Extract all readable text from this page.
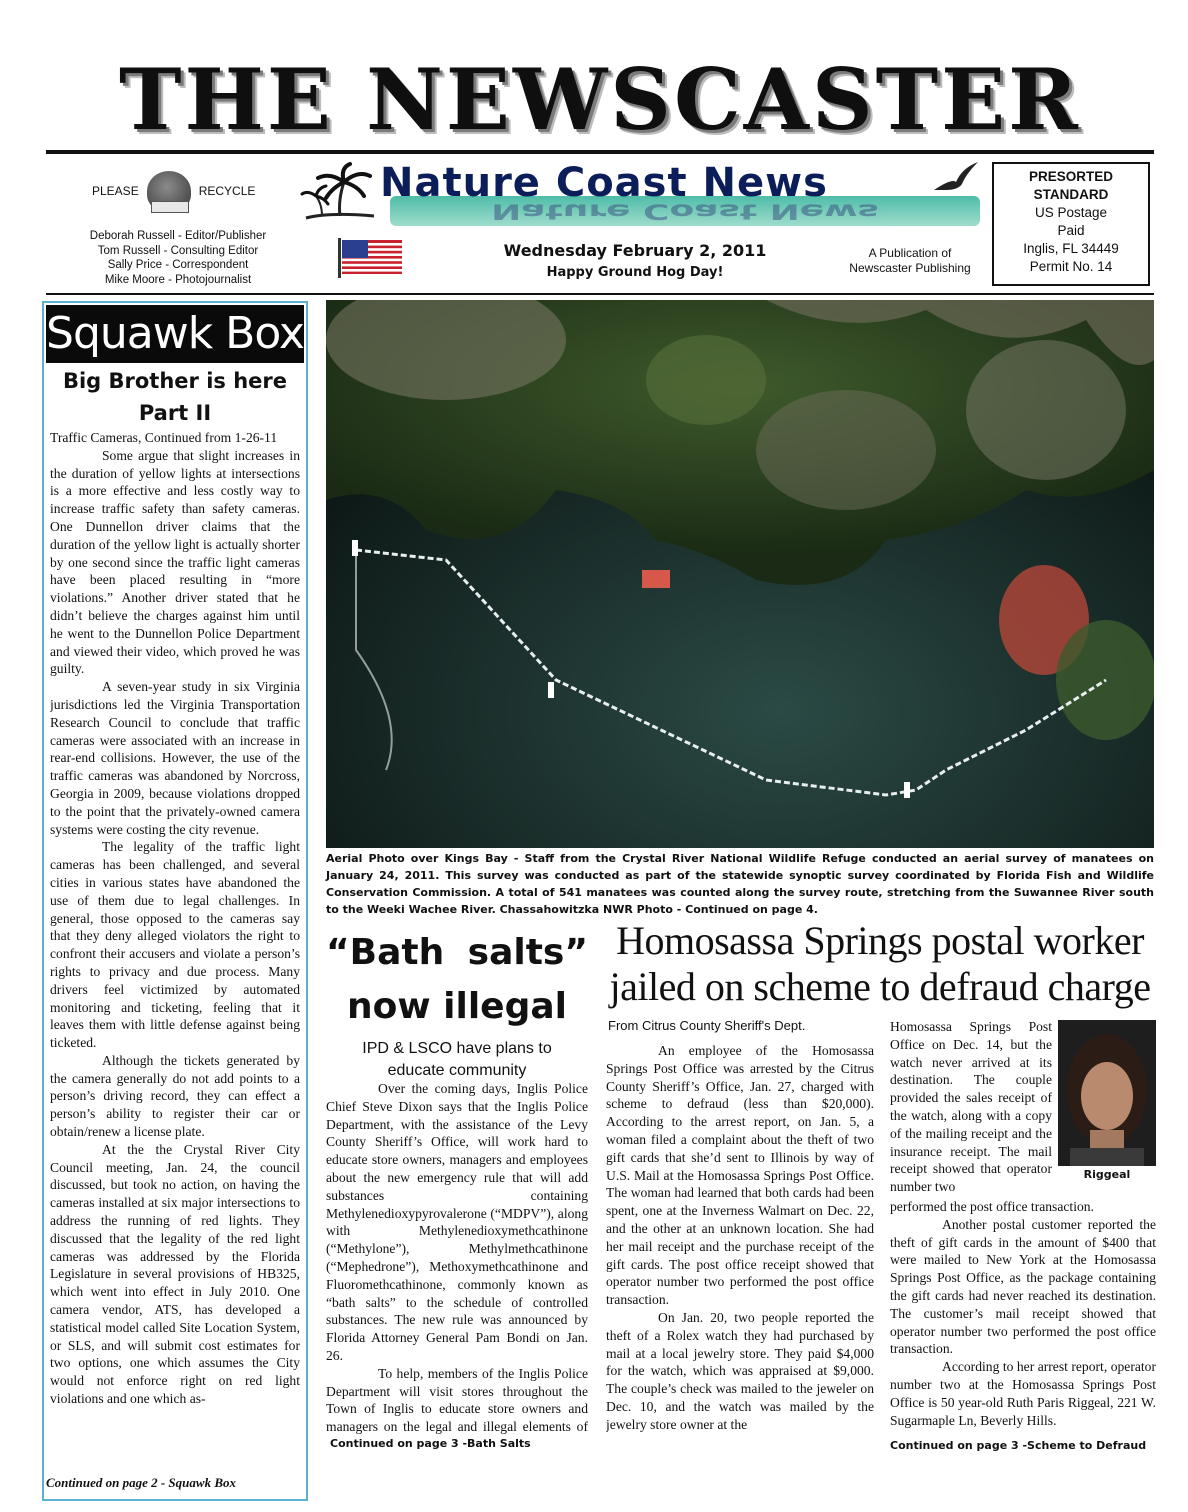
THE NEWSCASTER
PLEASE	RECYCLE
Deborah Russell - Editor/Publisher
Tom Russell - Consulting Editor
Sally Price - Correspondent
Mike Moore - Photojournalist
Nature Coast News
Nature Coast News
Wednesday February 2, 2011
Happy Ground Hog Day!
A Publication of
Newscaster Publishing
PRESORTED
STANDARD
US Postage
Paid
Inglis, FL 34449
Permit No. 14
Squawk Box
Big Brother is here
Part II

Traffic Cameras, Continued from 1-26-11

Some argue that slight increases in the duration of yellow lights at intersections is a more effective and less costly way to increase traffic safety than safety cameras. One Dunnellon driver claims that the duration of the yellow light is actually shorter by one second since the traffic light cameras have been placed resulting in “more violations.” Another driver stated that he didn’t believe the charges against him until he went to the Dunnellon Police Department and viewed their video, which proved he was guilty.

A seven-year study in six Virginia jurisdictions led the Virginia Transportation Research Council to conclude that traffic cameras were associated with an increase in rear-end collisions. However, the use of the traffic cameras was abandoned by Norcross, Georgia in 2009, because violations dropped to the point that the privately-owned camera systems were costing the city revenue.

The legality of the traffic light cameras has been challenged, and several cities in various states have abandoned the use of them due to legal challenges. In general, those opposed to the cameras say that they deny alleged violators the right to confront their accusers and violate a person’s rights to privacy and due process. Many drivers feel victimized by automated monitoring and ticketing, feeling that it leaves them with little defense against being ticketed.

Although the tickets generated by the camera generally do not add points to a person’s driving record, they can effect a person’s ability to register their car or obtain/renew a license plate.

At the the Crystal River City Council meeting, Jan. 24, the council discussed, but took no action, on having the cameras installed at six major intersections to address the running of red lights. They discussed that the legality of the red light cameras was addressed by the Florida Legislature in several provisions of HB325, which went into effect in July 2010. One camera vendor, ATS, has developed a statistical model called Site Location System, or SLS, and will submit cost estimates for two options, one which assumes the City would not enforce right on red light violations and one which as-

Continued on page 2 - Squawk Box
Aerial Photo over Kings Bay - Staff from the Crystal River National Wildlife Refuge conducted an aerial survey of manatees on January 24, 2011. This survey was conducted as part of the statewide synoptic survey coordinated by Florida Fish and Wildlife Conservation Commission. A total of 541 manatees was counted along the survey route, stretching from the Suwannee River south to the Weeki Wachee River. Chassahowitzka NWR Photo - Continued on page 4.
“Bath salts”
now illegal
IPD & LSCO have plans to
educate community

Over the coming days, Inglis Police Chief Steve Dixon says that the Inglis Police Department, with the assistance of the Levy County Sheriff’s Office, will work hard to educate store owners, managers and employees about the new emergency rule that will add substances containing Methylenedioxypyrovalerone (“MDPV”), along with Methylenedioxymethcathinone (“Methylone”), Methylmethcathinone (“Mephedrone”), Methoxymethcathinone and Fluoromethcathinone, commonly known as “bath salts” to the schedule of controlled substances. The new rule was announced by Florida Attorney General Pam Bondi on Jan. 26.

To help, members of the Inglis Police Department will visit stores throughout the Town of Inglis to educate store owners and managers on the legal and illegal elements of

Continued on page 3 -Bath Salts
Homosassa Springs postal worker jailed on scheme to defraud charge
From Citrus County Sheriff's Dept.

An employee of the Homosassa Springs Post Office was arrested by the Citrus County Sheriff’s Office, Jan. 27, charged with scheme to defraud (less than $20,000). According to the arrest report, on Jan. 5, a woman filed a complaint about the theft of two gift cards that she’d sent to Illinois by way of U.S. Mail at the Homosassa Springs Post Office. The woman had learned that both cards had been spent, one at the Inverness Walmart on Dec. 22, and the other at an unknown location. She had her mail receipt and the purchase receipt of the gift cards. The post office receipt showed that operator number two performed the post office transaction.

On Jan. 20, two people reported the theft of a Rolex watch they had purchased by mail at a local jewelry store. They paid $4,000 for the watch, which was appraised at $9,000. The couple’s check was mailed to the jeweler on Dec. 10, and the watch was mailed by the jewelry store owner at the

Homosassa Springs Post Office on Dec. 14, but the watch never arrived at its destination. The couple provided the sales receipt of the watch, along with a copy of the mailing receipt and the insurance receipt. The mail receipt showed that operator number two

Riggeal

performed the post office transaction.

Another postal customer reported the theft of gift cards in the amount of $400 that were mailed to New York at the Homosassa Springs Post Office, as the package containing the gift cards had never reached its destination. The customer’s mail receipt showed that operator number two performed the post office transaction.

According to her arrest report, operator number two at the Homosassa Springs Post Office is 50 year-old Ruth Paris Riggeal, 221 W. Sugarmaple Ln, Beverly Hills.

Continued on page 3 -Scheme to Defraud
